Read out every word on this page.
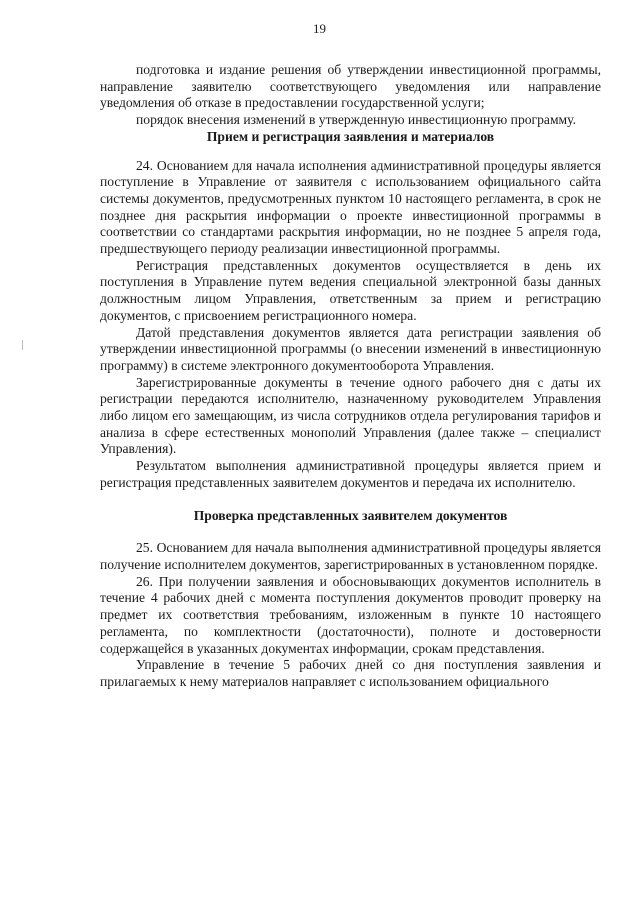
19

подготовка и издание решения об утверждении инвестиционной программы, направление заявителю соответствующего уведомления или направление уведомления об отказе в предоставлении государственной услуги;

порядок внесения изменений в утвержденную инвестиционную программу.

Прием и регистрация заявления и материалов

24. Основанием для начала исполнения административной процедуры является поступление в Управление от заявителя с использованием официального сайта системы документов, предусмотренных пунктом 10 настоящего регламента, в срок не позднее дня раскрытия информации о проекте инвестиционной программы в соответствии со стандартами раскрытия информации, но не позднее 5 апреля года, предшествующего периоду реализации инвестиционной программы.

Регистрация представленных документов осуществляется в день их поступления в Управление путем ведения специальной электронной базы данных должностным лицом Управления, ответственным за прием и регистрацию документов, с присвоением регистрационного номера.

Датой представления документов является дата регистрации заявления об утверждении инвестиционной программы (о внесении изменений в инвестиционную программу) в системе электронного документооборота Управления.

Зарегистрированные документы в течение одного рабочего дня с даты их регистрации передаются исполнителю, назначенному руководителем Управления либо лицом его замещающим, из числа сотрудников отдела регулирования тарифов и анализа в сфере естественных монополий Управления (далее также – специалист Управления).

Результатом выполнения административной процедуры является прием и регистрация представленных заявителем документов и передача их исполнителю.

Проверка представленных заявителем документов

25. Основанием для начала выполнения административной процедуры является получение исполнителем документов, зарегистрированных в установленном порядке.

26. При получении заявления и обосновывающих документов исполнитель в течение 4 рабочих дней с момента поступления документов проводит проверку на предмет их соответствия требованиям, изложенным в пункте 10 настоящего регламента, по комплектности (достаточности), полноте и достоверности содержащейся в указанных документах информации, срокам представления.

Управление в течение 5 рабочих дней со дня поступления заявления и прилагаемых к нему материалов направляет с использованием официального
